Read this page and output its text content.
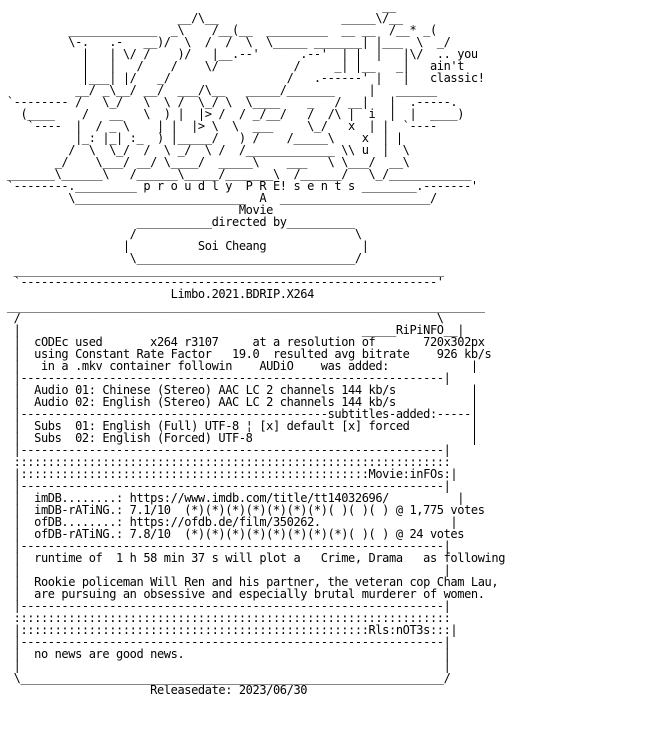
__
__/\__                  _____\/__
_____________  _\    /__(__  _________  __ __  /__* _(
\-.   .-   __)/  \  /  /  \  \_____ _______| |___  \  _/
|   | \/ /    )/   |__.--'      .--'  | |  |   |\/  .. you
|   |   /    /    \/           /     _| |__   _|   ain't
|___| |/   _/                 /   .------' |   |   classic!
__/ _\__/ __/  ___/\__   _____/_______     |   ______
`-------- /   \_/   \  \ /  \_/ \  \____    _   / __|   |  .-----.
(____    /   __   \  ) |  |> /  / _/__/   /  /\ |  i  |  |  ____)
`----  |  / _ \    | |  |> \  \  ___     \_/   x  | |  `----
|_: |_| :_  ) |_____/   ) /    /_____\    x  | |
/  \  \_/  /  \ _/  \ /  /_____________ \\ u  |  \
_/    \___/ __/ \____/  _____\    ___   \ \___/  __\
_______\______\   /______\_____/_______\  /______/   \_/____________
`--------._________ p r o u d l y  P R E! s e n t s ________.-------'
\_________________________  A  ______________________/
Movie
___________directed by__________
/                                \
|          Soi Cheang              |
\________________________________/
_______________________________________________________________
`-------------------------------------------------------------'
Limbo.2021.BDRIP.X264
______________________________________________________________________
/                                                             \
|                                                  _____RiPiNFO__|
|  cODEc used       x264 r3107     at a resolution of       720x302px
|  using Constant Rate Factor   19.0  resulted avg bitrate    926 kb/s
|   in a .mkv container followin    AUDiO    was added:            |
|--------------------------------------------------------------|
|  Audio 01: Chinese (Stereo) AAC LC 2 channels 144 kb/s           |
|  Audio 02: English (Stereo) AAC LC 2 channels 144 kb/s           |
|---------------------------------------------subtitles-added:-----|
|  Subs  01: English (Full) UTF-8 ¦ [x] default [x] forced         |
|  Subs  02: English (Forced) UTF-8                                |
|--------------------------------------------------------------|
::::::::::::::::::::::::::::::::::::::::::::::::::::::::::::::::
|:::::::::::::::::::::::::::::::::::::::::::::::::::Movie:inFOs:|
|--------------------------------------------------------------|
|  imDB........: https://www.imdb.com/title/tt14032696/          |
|  imDB-rATiNG.: 7.1/10  (*)(*)(*)(*)(*)(*)(*)( )( )( ) @ 1,775 votes
|  ofDB........: https://ofdb.de/film/350262.                   |
|  ofDB-rATiNG.: 7.8/10  (*)(*)(*)(*)(*)(*)(*)(*)( )( ) @ 24 votes
|--------------------------------------------------------------|
|  runtime of  1 h 58 min 37 s will plot a   Crime, Drama   as following
|                                                              |
|  Rookie policeman Will Ren and his partner, the veteran cop Cham Lau,
|  are pursuing an obsessive and especially brutal murderer of women.
|--------------------------------------------------------------|
::::::::::::::::::::::::::::::::::::::::::::::::::::::::::::::::
|:::::::::::::::::::::::::::::::::::::::::::::::::::Rls:nOT3s:::|
|--------------------------------------------------------------|
|  no news are good news.                                      |
|                                                              |
\______________________________________________________________/
Releasedate: 2023/06/30
